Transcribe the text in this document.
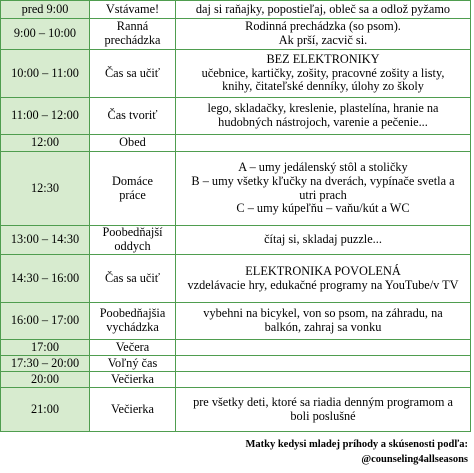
pred 9:00	Vstávame!	daj si raňajky, popostieľaj, obleč sa a odlož pyžamo

9:00 – 10:00	Ranná
prechádzka	Rodinná prechádzka (so psom).
Ak prší, zacvič si.

10:00 – 11:00	Čas sa učiť	BEZ ELEKTRONIKY
učebnice, kartičky, zošity, pracovné zošity a listy,
knihy, čitateľské denníky, úlohy zo školy

11:00 – 12:00	Čas tvoriť	lego, skladačky, kreslenie, plastelína, hranie na
hudobných nástrojoch, varenie a pečenie...

12:00	Obed	

12:30	Domáce
práce	A – umy jedálenský stôl a stoličky
B – umy všetky kľučky na dverách, vypínače svetla a
utri prach
C – umy kúpeľňu – vaňu/kút a WC

13:00 – 14:30	Poobedňajší
oddych	čítaj si, skladaj puzzle...

14:30 – 16:00	Čas sa učiť	ELEKTRONIKA POVOLENÁ
vzdelávacie hry, edukačné programy na YouTube/v TV

16:00 – 17:00	Poobedňajšia
vychádzka	vybehni na bicykel, von so psom, na záhradu, na
balkón, zahraj sa vonku

17:00	Večera	

17:30 – 20:00	Voľný čas	

20:00	Večierka	

21:00	Večierka	pre všetky deti, ktoré sa riadia denným programom a
boli poslušné
Matky kedysi mladej príhody a skúsenosti podľa:
@counseling4allseasons
